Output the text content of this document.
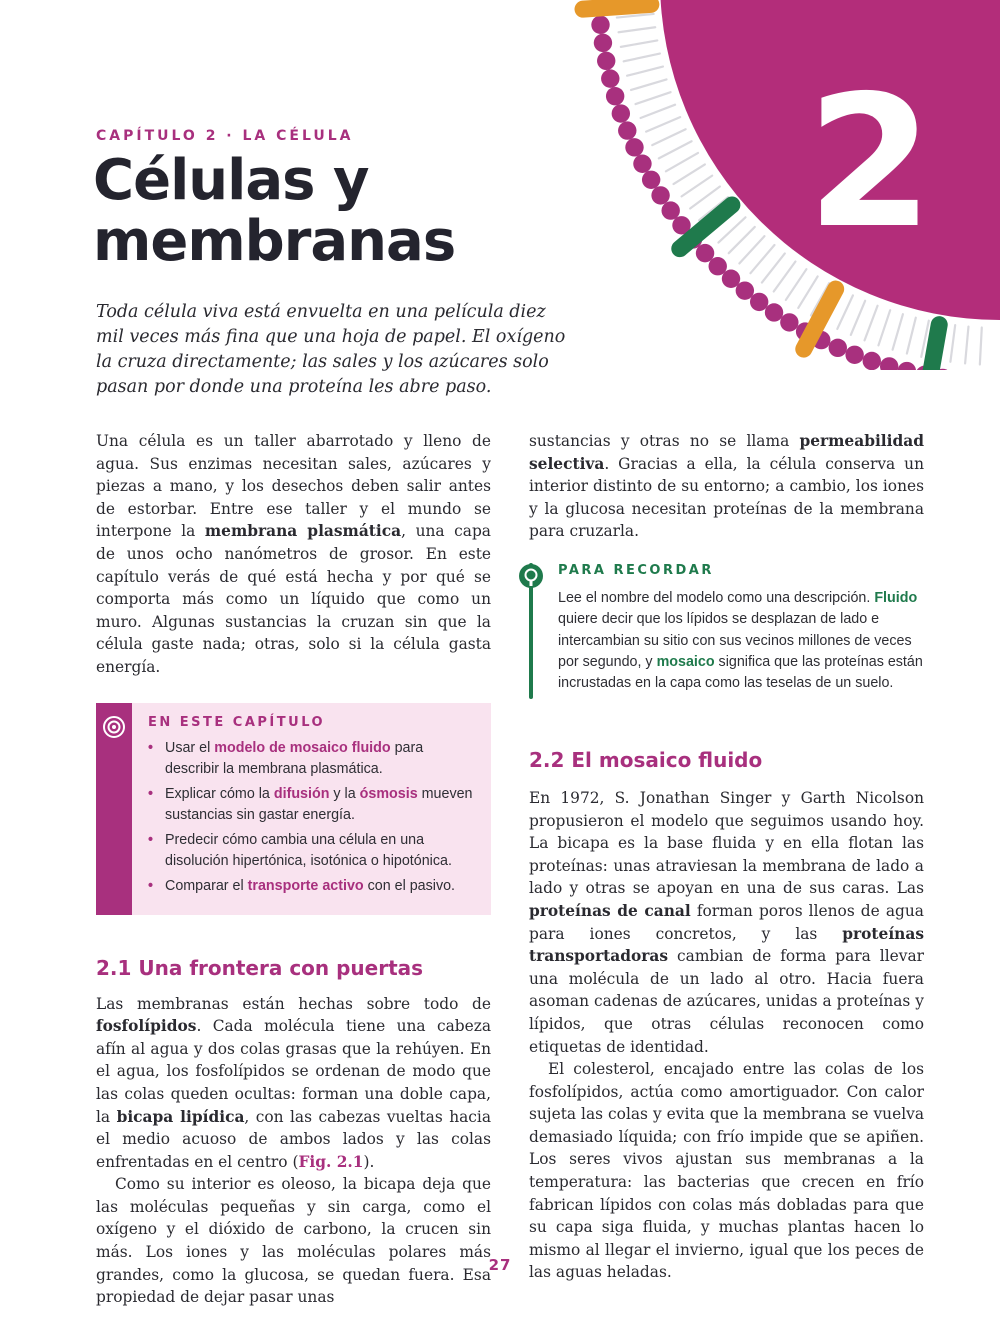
2
CAPÍTULO 2 · LA CÉLULA
Células y
membranas

Toda célula viva está envuelta en una película diez mil veces más fina que una hoja de papel. El oxígeno la cruza directamente; las sales y los azúcares solo pasan por donde una proteína les abre paso.

Una célula es un taller abarrotado y lleno de agua. Sus enzimas necesitan sales, azúcares y piezas a mano, y los desechos deben salir antes de estorbar. Entre ese taller y el mundo se interpone la membrana plasmática, una capa de unos ocho nanómetros de grosor. En este capítulo verás de qué está hecha y por qué se comporta más como un líquido que como un muro. Algunas sustancias la cruzan sin que la célula gaste nada; otras, solo si la célula gasta energía.

EN ESTE CAPÍTULO
• Usar el modelo de mosaico fluido para describir la membrana plasmática.
• Explicar cómo la difusión y la ósmosis mueven sustancias sin gastar energía.
• Predecir cómo cambia una célula en una disolución hipertónica, isotónica o hipotónica.
• Comparar el transporte activo con el pasivo.
2.1 Una frontera con puertas

Las membranas están hechas sobre todo de fosfolípidos. Cada molécula tiene una cabeza afín al agua y dos colas grasas que la rehúyen. En el agua, los fosfolípidos se ordenan de modo que las colas queden ocultas: forman una doble capa, la bicapa lipídica, con las cabezas vueltas hacia el medio acuoso de ambos lados y las colas enfrentadas en el centro (Fig. 2.1).

Como su interior es oleoso, la bicapa deja que las moléculas pequeñas y sin carga, como el oxígeno y el dióxido de carbono, la crucen sin más. Los iones y las moléculas polares más grandes, como la glucosa, se quedan fuera. Esa propiedad de dejar pasar unas

sustancias y otras no se llama permeabilidad selectiva. Gracias a ella, la célula conserva un interior distinto de su entorno; a cambio, los iones y la glucosa necesitan proteínas de la membrana para cruzarla.

PARA RECORDAR

Lee el nombre del modelo como una descripción. Fluido quiere decir que los lípidos se desplazan de lado e intercambian su sitio con sus vecinos millones de veces por segundo, y mosaico significa que las proteínas están incrustadas en la capa como las teselas de un suelo.

2.2 El mosaico fluido

En 1972, S. Jonathan Singer y Garth Nicolson propusieron el modelo que seguimos usando hoy. La bicapa es la base fluida y en ella flotan las proteínas: unas atraviesan la membrana de lado a lado y otras se apoyan en una de sus caras. Las proteínas de canal forman poros llenos de agua para iones concretos, y las proteínas transportadoras cambian de forma para llevar una molécula de un lado al otro. Hacia fuera asoman cadenas de azúcares, unidas a proteínas y lípidos, que otras células reconocen como etiquetas de identidad.

El colesterol, encajado entre las colas de los fosfolípidos, actúa como amortiguador. Con calor sujeta las colas y evita que la membrana se vuelva demasiado líquida; con frío impide que se apiñen. Los seres vivos ajustan sus membranas a la temperatura: las bacterias que crecen en frío fabrican lípidos con colas más dobladas para que su capa siga fluida, y muchas plantas hacen lo mismo al llegar el invierno, igual que los peces de las aguas heladas.

27
